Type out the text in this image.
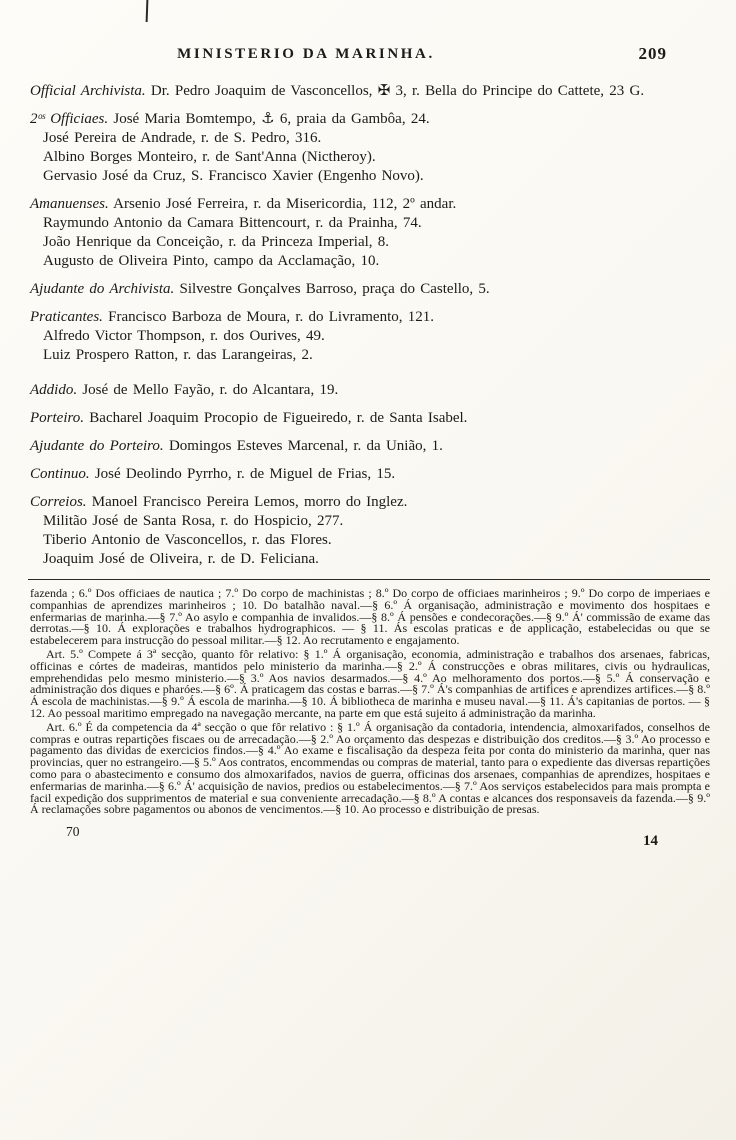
MINISTERIO DA MARINHA.	209

Official Archivista. Dr. Pedro Joaquim de Vasconcellos, ✠ 3, r. Bella do Principe do Cattete, 23 G.

2ᵒˢ Officiaes. José Maria Bomtempo, ⚓ 6, praia da Gambôa, 24.

José Pereira de Andrade, r. de S. Pedro, 316.

Albino Borges Monteiro, r. de Sant'Anna (Nictheroy).

Gervasio José da Cruz, S. Francisco Xavier (Engenho Novo).

Amanuenses. Arsenio José Ferreira, r. da Misericordia, 112, 2º andar.

Raymundo Antonio da Camara Bittencourt, r. da Prainha, 74.

João Henrique da Conceição, r. da Princeza Imperial, 8.

Augusto de Oliveira Pinto, campo da Acclamação, 10.

Ajudante do Archivista. Silvestre Gonçalves Barroso, praça do Castello, 5.

Praticantes. Francisco Barboza de Moura, r. do Livramento, 121.

Alfredo Victor Thompson, r. dos Ourives, 49.

Luiz Prospero Ratton, r. das Larangeiras, 2.

Addido. José de Mello Fayão, r. do Alcantara, 19.

Porteiro. Bacharel Joaquim Procopio de Figueiredo, r. de Santa Isabel.

Ajudante do Porteiro. Domingos Esteves Marcenal, r. da União, 1.

Continuo. José Deolindo Pyrrho, r. de Miguel de Frias, 15.

Correios. Manoel Francisco Pereira Lemos, morro do Inglez.

Militão José de Santa Rosa, r. do Hospicio, 277.

Tiberio Antonio de Vasconcellos, r. das Flores.

Joaquim José de Oliveira, r. de D. Feliciana.

fazenda ; 6.º Dos officiaes de nautica ; 7.º Do corpo de machinistas ; 8.º Do corpo de officiaes marinheiros ; 9.º Do corpo de imperiaes e companhias de aprendizes marinheiros ; 10. Do batalhão naval.—§ 6.º Á organisação, administração e movimento dos hospitaes e enfermarias de marinha.—§ 7.º Ao asylo e companhia de invalidos.—§ 8.º Á pensões e condecorações.—§ 9.º Á' commissão de exame das derrotas.—§ 10. Á explorações e trabalhos hydrographicos. — § 11. Ás escolas praticas e de applicação, estabelecidas ou que se estabelecerem para instrucção do pessoal militar.—§ 12. Ao recrutamento e engajamento.

Art. 5.º Compete á 3ª secção, quanto fôr relativo: § 1.º Á organisação, economia, administração e trabalhos dos arsenaes, fabricas, officinas e córtes de madeiras, mantidos pelo ministerio da marinha.—§ 2.º Á construcções e obras militares, civis ou hydraulicas, emprehendidas pelo mesmo ministerio.—§ 3.º Aos navios desarmados.—§ 4.º Ao melhoramento dos portos.—§ 5.º Á conservação e administração dos diques e pharóes.—§ 6º. Á praticagem das costas e barras.—§ 7.º Á's companhias de artifices e aprendizes artifices.—§ 8.º Á escola de machinistas.—§ 9.º Á escola de marinha.—§ 10. Á bibliotheca de marinha e museu naval.—§ 11. Á's capitanias de portos. — § 12. Ao pessoal maritimo empregado na navegação mercante, na parte em que está sujeito á administração da marinha.

Art. 6.º É da competencia da 4ª secção o que fôr relativo : § 1.º Á organisação da contadoria, intendencia, almoxarifados, conselhos de compras e outras repartições fiscaes ou de arrecadação.—§ 2.º Ao orçamento das despezas e distribuição dos creditos.—§ 3.º Ao processo e pagamento das dividas de exercicios findos.—§ 4.º Ao exame e fiscalisação da despeza feita por conta do ministerio da marinha, quer nas provincias, quer no estrangeiro.—§ 5.º Aos contratos, encommendas ou compras de material, tanto para o expediente das diversas repartições como para o abastecimento e consumo dos almoxarifados, navios de guerra, officinas dos arsenaes, companhias de aprendizes, hospitaes e enfermarias de marinha.—§ 6.º Á' acquisição de navios, predios ou estabelecimentos.—§ 7.º Aos serviços estabelecidos para mais prompta e facil expedição dos supprimentos de material e sua conveniente arrecadação.—§ 8.º A contas e alcances dos responsaveis da fazenda.—§ 9.º Á reclamações sobre pagamentos ou abonos de vencimentos.—§ 10. Ao processo e distribuição de presas.

70
14
